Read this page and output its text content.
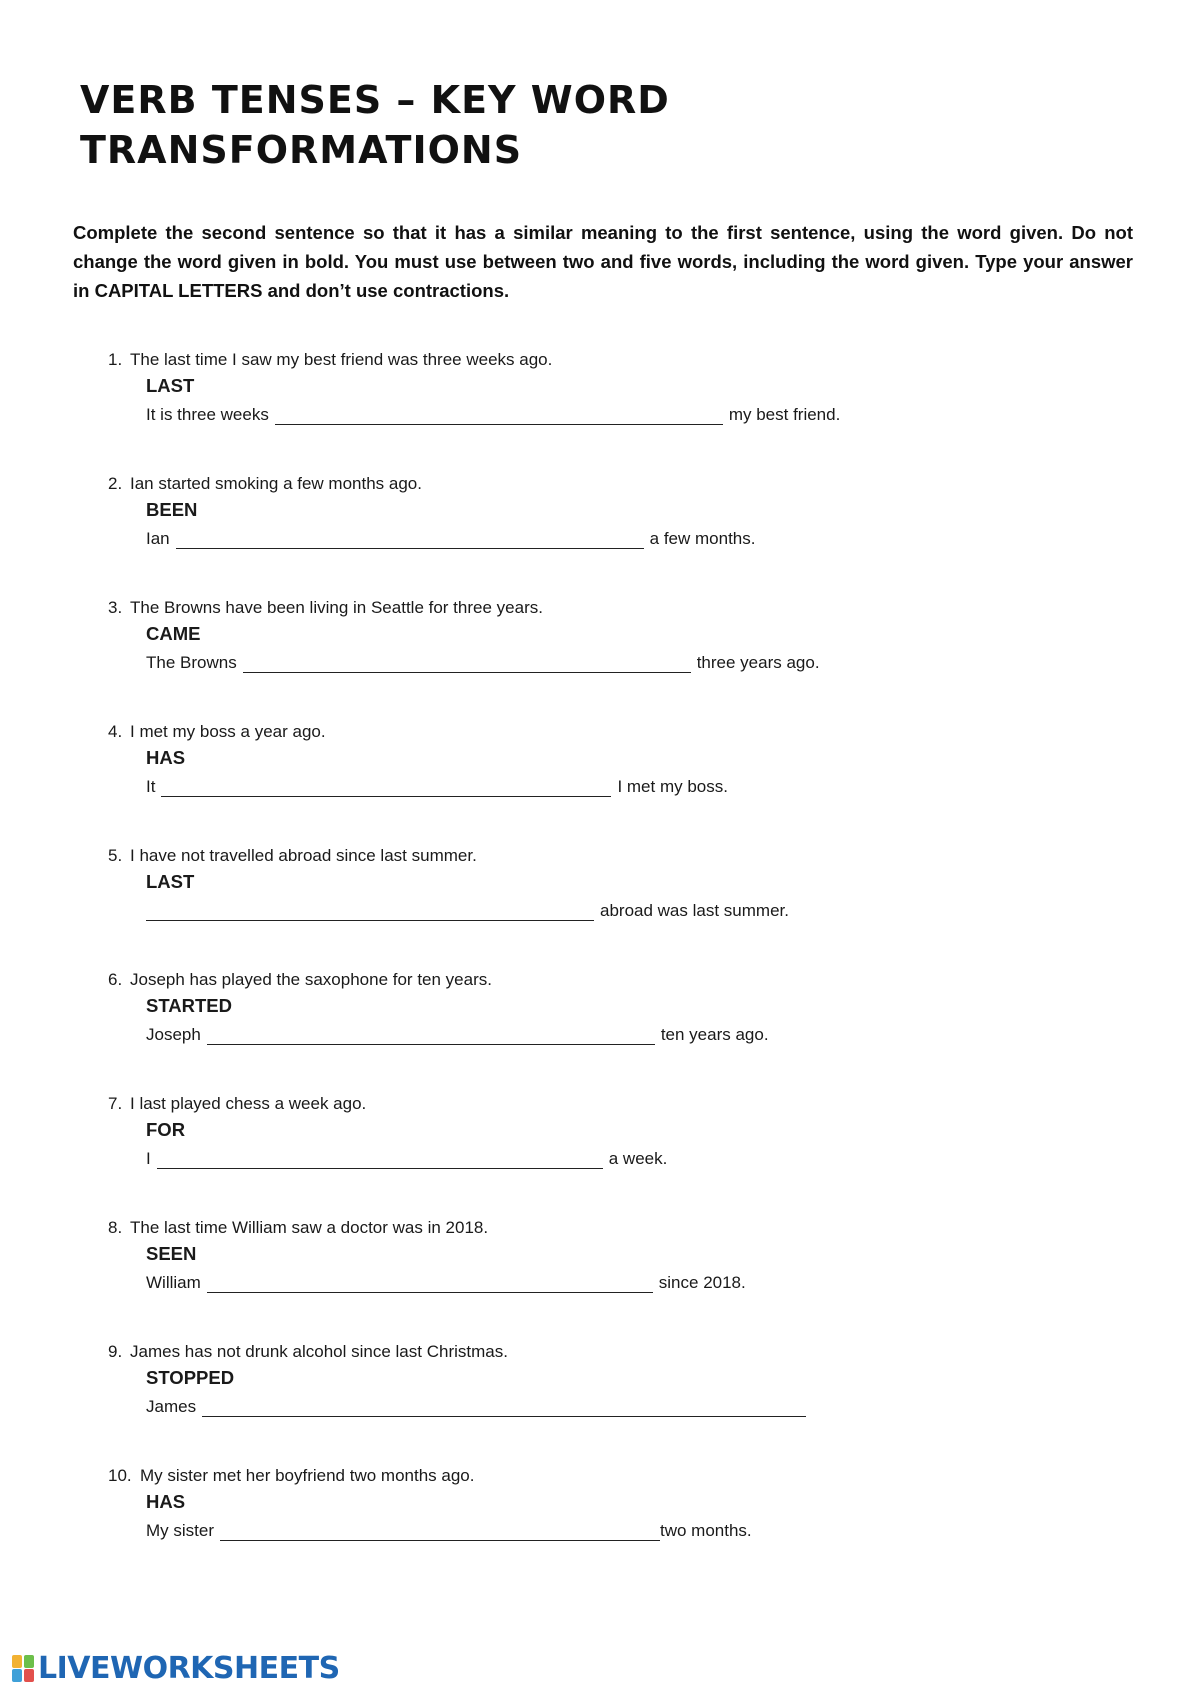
VERB TENSES – KEY WORD TRANSFORMATIONS

Complete the second sentence so that it has a similar meaning to the first sentence, using the word given. Do not change the word given in bold. You must use between two and five words, including the word given. Type your answer in CAPITAL LETTERS and don’t use contractions.

1. The last time I saw my best friend was three weeks ago.
LAST
It is three weeks	my best friend.
2. Ian started smoking a few months ago.
BEEN
Ian	a few months.
3. The Browns have been living in Seattle for three years.
CAME
The Browns	three years ago.
4. I met my boss a year ago.
HAS
It	I met my boss.
5. I have not travelled abroad since last summer.
LAST
abroad was last summer.
6. Joseph has played the saxophone for ten years.
STARTED
Joseph	ten years ago.
7. I last played chess a week ago.
FOR
I	a week.
8. The last time William saw a doctor was in 2018.
SEEN
William	since 2018.
9. James has not drunk alcohol since last Christmas.
STOPPED
James
10. My sister met her boyfriend two months ago.
HAS
My sister	two months.
LIVEWORKSHEETS
